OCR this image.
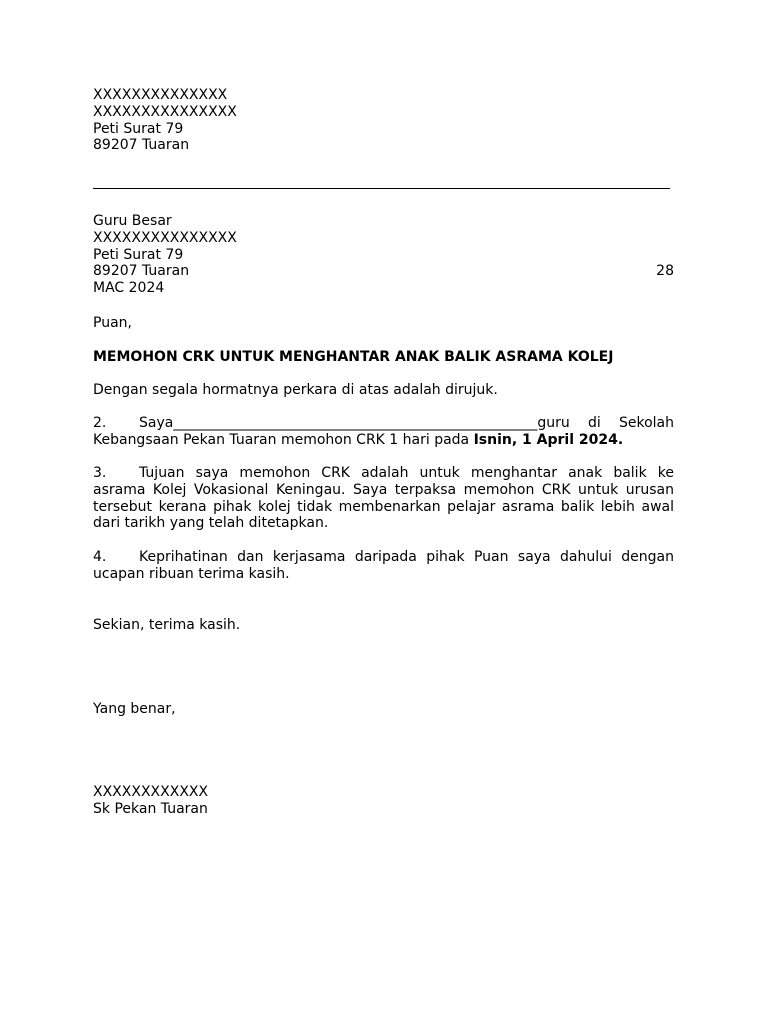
XXXXXXXXXXXXXX
XXXXXXXXXXXXXXX
Peti Surat 79
89207 Tuaran
Guru Besar
XXXXXXXXXXXXXXX
Peti Surat 79
89207 Tuaran	28
MAC 2024
Puan,
MEMOHON CRK UNTUK MENGHANTAR ANAK BALIK ASRAMA KOLEJ
Dengan segala hormatnya perkara di atas adalah dirujuk.
2.	Saya____________________________________________________guru di Sekolah
Kebangsaan Pekan Tuaran memohon CRK 1 hari pada Isnin, 1 April 2024.
3.	Tujuan saya memohon CRK adalah untuk menghantar anak balik ke
asrama Kolej Vokasional Keningau. Saya terpaksa memohon CRK untuk urusan
tersebut kerana pihak kolej tidak membenarkan pelajar asrama balik lebih awal
dari tarikh yang telah ditetapkan.
4.	Keprihatinan dan kerjasama daripada pihak Puan saya dahului dengan
ucapan ribuan terima kasih.
Sekian, terima kasih.
Yang benar,
XXXXXXXXXXXX
Sk Pekan Tuaran
